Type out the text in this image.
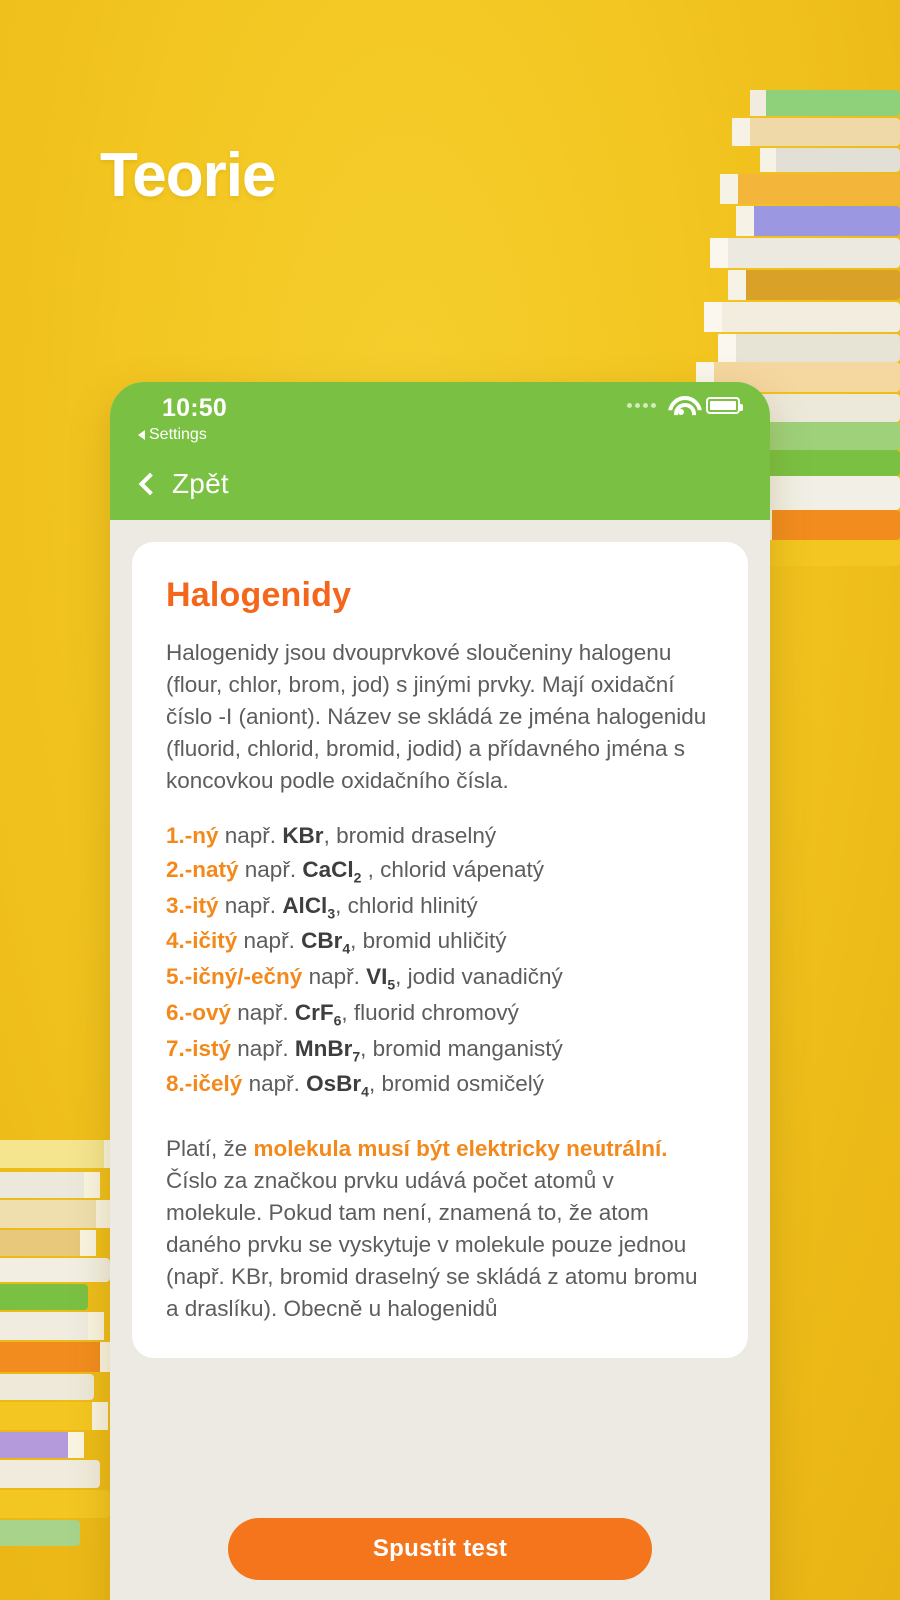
Teorie
10:50
Settings
Zpět
Halogenidy

Halogenidy jsou dvouprvkové sloučeniny halogenu (flour, chlor, brom, jod) s jinými prvky. Mají oxidační číslo -I (aniont). Název se skládá ze jména halogenidu (fluorid, chlorid, bromid, jodid) a přídavného jména s koncovkou podle oxidačního čísla.

1.-ný např. KBr, bromid draselný
2.-natý např. CaCl$_2$ , chlorid vápenatý
3.-itý např. AlCl$_3$, chlorid hlinitý
4.-ičitý např. CBr$_4$, bromid uhličitý
5.-ičný/-ečný např. $VI_5$, jodid vanadičný
6.-ový např. CrF$_6$, fluorid chromový
7.-istý např. MnBr$_7$, bromid manganistý
8.-ičelý např. OsBr$_4$, bromid osmičelý

Platí, že molekula musí být elektricky neutrální. Číslo za značkou prvku udává počet atomů v molekule. Pokud tam není, znamená to, že atom daného prvku se vyskytuje v molekule pouze jednou (např. KBr, bromid draselný se skládá z atomu bromu a draslíku). Obecně u halogenidů

Spustit test
